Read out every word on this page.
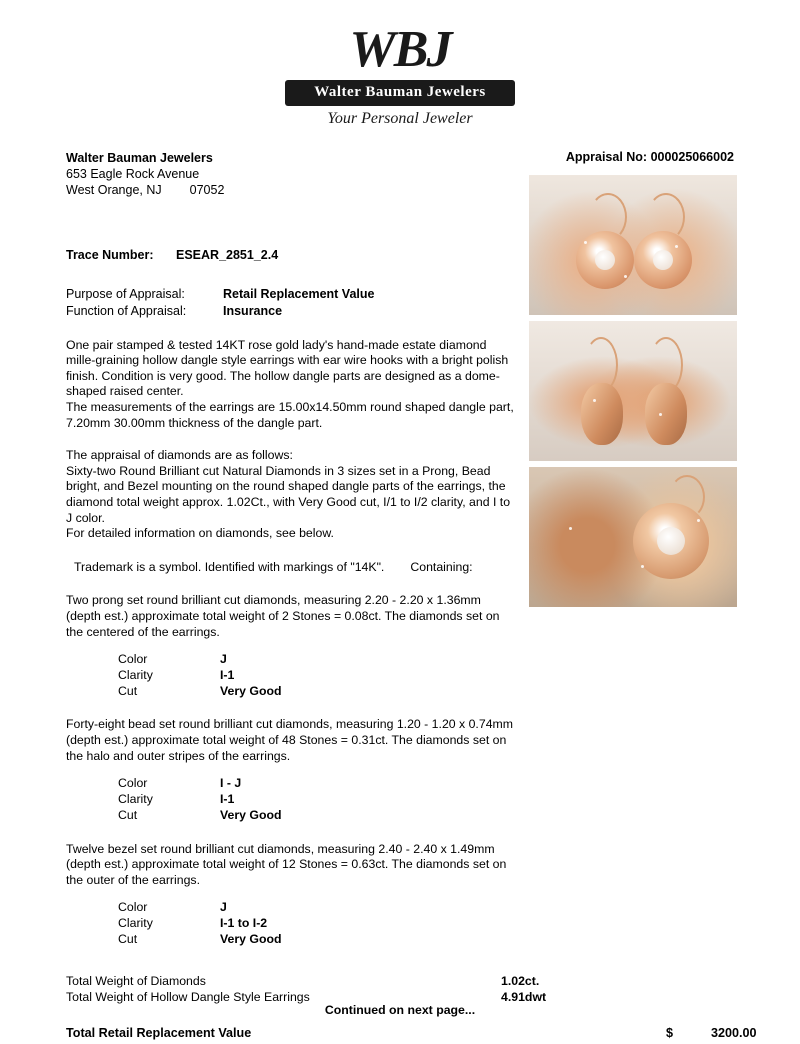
WBJ
Walter Bauman Jewelers
Your Personal Jeweler
Walter Bauman Jewelers
653 Eagle Rock Avenue
West Orange, NJ 07052
Appraisal No: 000025066002
Trace Number: ESEAR_2851_2.4
Purpose of Appraisal:	Retail Replacement Value
Function of Appraisal:	Insurance
One pair stamped & tested 14KT rose gold lady's hand-made estate diamond mille-graining hollow dangle style earrings with ear wire hooks with a bright polish finish. Condition is very good. The hollow dangle parts are designed as a dome-shaped raised center.
The measurements of the earrings are 15.00x14.50mm round shaped dangle part, 7.20mm 30.00mm thickness of the dangle part.
The appraisal of diamonds are as follows:
Sixty-two Round Brilliant cut Natural Diamonds in 3 sizes set in a Prong, Bead bright, and Bezel mounting on the round shaped dangle parts of the earrings, the diamond total weight approx. 1.02Ct., with Very Good cut, I/1 to I/2 clarity, and I to J color.
For detailed information on diamonds, see below.
Trademark is a symbol. Identified with markings of "14K". Containing:
Two prong set round brilliant cut diamonds, measuring 2.20 - 2.20 x 1.36mm (depth est.) approximate total weight of 2 Stones = 0.08ct. The diamonds set on the centered of the earrings.
Color	J
Clarity	I-1
Cut	Very Good
Forty-eight bead set round brilliant cut diamonds, measuring 1.20 - 1.20 x 0.74mm (depth est.) approximate total weight of 48 Stones = 0.31ct. The diamonds set on the halo and outer stripes of the earrings.
Color	I - J
Clarity	I-1
Cut	Very Good
Twelve bezel set round brilliant cut diamonds, measuring 2.40 - 2.40 x 1.49mm (depth est.) approximate total weight of 12 Stones = 0.63ct. The diamonds set on the outer of the earrings.
Color	J
Clarity	I-1 to I-2
Cut	Very Good
Total Weight of Diamonds	1.02ct.
Total Weight of Hollow Dangle Style Earrings	4.91dwt
Total Retail Replacement Value	$	3200.00
Continued on next page...
